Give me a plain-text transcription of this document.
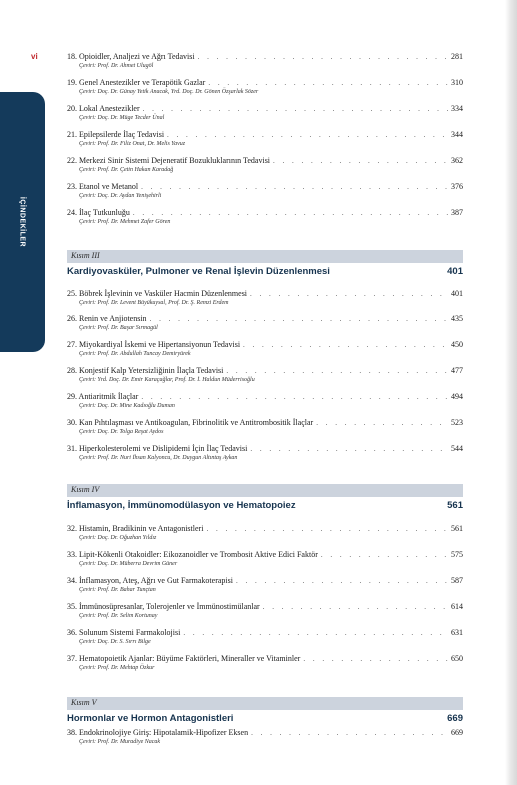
vi
İÇİNDEKİLER
18. Opioidler, Analjezi ve Ağrı Tedavisi . . .	281
Çeviri: Prof. Dr. Ahmet Ulugöl
19. Genel Anestezikler ve Terapötik Gazlar . . .	310
Çeviri: Doç. Dr. Günay Yetik Anacak, Yrd. Doç. Dr. Gönen Özşarlak Sözer
20. Lokal Anestezikler . . .	334
Çeviri: Doç. Dr. Müge Tecder Ünal
21. Epilepsilerde İlaç Tedavisi . . .	344
Çeviri: Prof. Dr. Filiz Onat, Dr. Melis Yavuz
22. Merkezi Sinir Sistemi Dejeneratif Bozukluklarının Tedavisi . . .	362
Çeviri: Prof. Dr. Çetin Hakan Karadağ
23. Etanol ve Metanol . . .	376
Çeviri: Doç. Dr. Aydan Yenişehirli
24. İlaç Tutkunluğu . . .	387
Çeviri: Prof. Dr. Mehmet Zafer Gören
Kısım III
Kardiyovasküler, Pulmoner ve Renal İşlevin Düzenlenmesi	401
25. Böbrek İşlevinin ve Vasküler Hacmin Düzenlenmesi . . .	401
Çeviri: Prof. Dr. Levent Büyükuysal, Prof. Dr. Ş. Remzi Erdem
26. Renin ve Anjiotensin . . .	435
Çeviri: Prof. Dr. Başar Sırmagül
27. Miyokardiyal İskemi ve Hipertansiyonun Tedavisi . . .	450
Çeviri: Prof. Dr. Abdullah Tuncay Demiryürek
28. Konjestif Kalp Yetersizliğinin İlaçla Tedavisi . . .	477
Çeviri: Yrd. Doç. Dr. Emir Karaçağlar, Prof. Dr. İ. Haldun Müderrisoğlu
29. Antiaritmik İlaçlar . . .	494
Çeviri: Doç. Dr. Mine Kadıoğlu Duman
30. Kan Pıhtılaşması ve Antikoagulan, Fibrinolitik ve Antitrombositik İlaçlar . . .	523
Çeviri: Doç. Dr. Tolga Reşat Aydos
31. Hiperkolesterolemi ve Dislipidemi İçin İlaç Tedavisi . . .	544
Çeviri: Prof. Dr. Nuri İhsan Kalyoncu, Dr. Duygun Altıntaş Aykan
Kısım IV
İnflamasyon, İmmünomodülasyon ve Hematopoiez	561
32. Histamin, Bradikinin ve Antagonistleri . . .	561
Çeviri: Doç. Dr. Oğuzhan Yıldız
33. Lipit-Kökenli Otakoidler: Eikozanoidler ve Trombosit Aktive Edici Faktör . . .	575
Çeviri: Doç. Dr. Müberra Devrim Güner
34. İnflamasyon, Ateş, Ağrı ve Gut Farmakoterapisi . . .	587
Çeviri: Prof. Dr. Bahar Tunçtan
35. İmmünosüpresanlar, Tolerojenler ve İmmünostimülanlar . . .	614
Çeviri: Prof. Dr. Selim Kortunay
36. Solunum Sistemi Farmakolojisi . . .	631
Çeviri: Doç. Dr. S. Sırrı Bilge
37. Hematopoietik Ajanlar: Büyüme Faktörleri, Mineraller ve Vitaminler . . .	650
Çeviri: Prof. Dr. Mehtap Özkur
Kısım V
Hormonlar ve Hormon Antagonistleri	669
38. Endokrinolojiye Giriş: Hipotalamik-Hipofizer Eksen . . .	669
Çeviri: Prof. Dr. Muradiye Nacak
